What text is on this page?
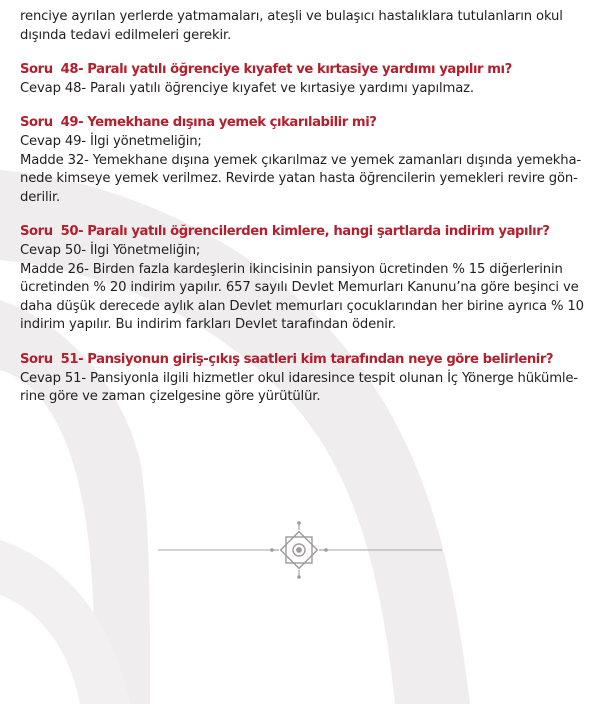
renciye ayrılan yerlerde yatmamaları, ateşli ve bulaşıcı hastalıklara tutulanların okul

dışında tedavi edilmeleri gerekir.

Soru 48- Paralı yatılı öğrenciye kıyafet ve kırtasiye yardımı yapılır mı?

Cevap 48- Paralı yatılı öğrenciye kıyafet ve kırtasiye yardımı yapılmaz.

Soru 49- Yemekhane dışına yemek çıkarılabilir mi?

Cevap 49- İlgi yönetmeliğin;

Madde 32- Yemekhane dışına yemek çıkarılmaz ve yemek zamanları dışında yemekha-

nede kimseye yemek verilmez. Revirde yatan hasta öğrencilerin yemekleri revire gön-

derilir.

Soru 50- Paralı yatılı öğrencilerden kimlere, hangi şartlarda indirim yapılır?

Cevap 50- İlgi Yönetmeliğin;

Madde 26- Birden fazla kardeşlerin ikincisinin pansiyon ücretinden % 15 diğerlerinin

ücretinden % 20 indirim yapılır. 657 sayılı Devlet Memurları Kanunu’na göre beşinci ve

daha düşük derecede aylık alan Devlet memurları çocuklarından her birine ayrıca % 10

indirim yapılır. Bu indirim farkları Devlet tarafından ödenir.

Soru 51- Pansiyonun giriş-çıkış saatleri kim tarafından neye göre belirlenir?

Cevap 51- Pansiyonla ilgili hizmetler okul idaresince tespit olunan İç Yönerge hükümle-

rine göre ve zaman çizelgesine göre yürütülür.
